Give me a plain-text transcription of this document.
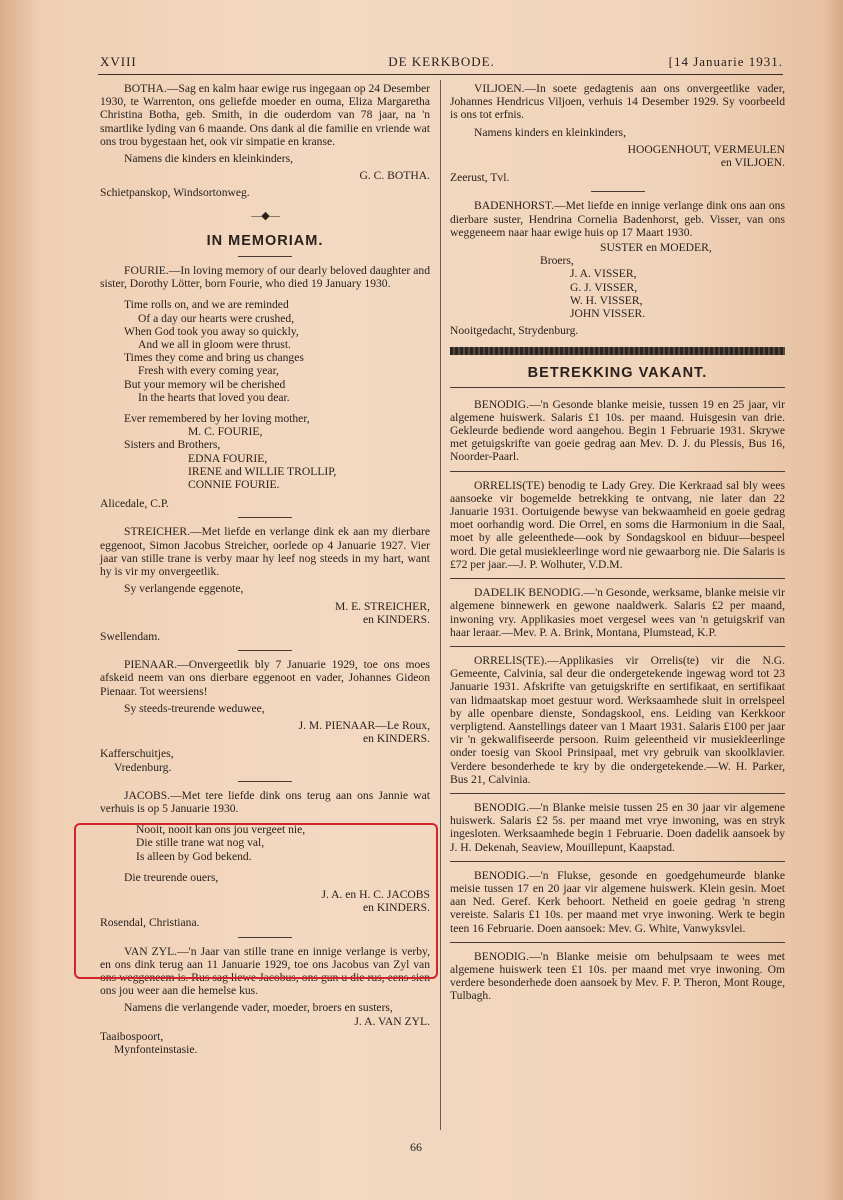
XVIII	DE KERKBODE.	[14 Januarie 1931.

BOTHA.—Sag en kalm haar ewige rus ingegaan op 24 Desember 1930, te Warrenton, ons geliefde moeder en ouma, Eliza Margaretha Christina Botha, geb. Smith, in die ouderdom van 78 jaar, na 'n smartlike lyding van 6 maande. Ons dank al die familie en vriende wat ons trou bygestaan het, ook vir simpatie en kranse.

Namens die kinders en kleinkinders,

G. C. BOTHA.

Schietpanskop, Windsortonweg.

—◆—
IN MEMORIAM.

FOURIE.—In loving memory of our dearly beloved daughter and sister, Dorothy Lötter, born Fourie, who died 19 January 1930.

Time rolls on, and we are reminded
Of a day our hearts were crushed,
When God took you away so quickly,
And we all in gloom were thrust.
Times they come and bring us changes
Fresh with every coming year,
But your memory wil be cherished
In the hearts that loved you dear.

Ever remembered by her loving mother,

M. C. FOURIE,

Sisters and Brothers,

EDNA FOURIE,

IRENE and WILLIE TROLLIP,

CONNIE FOURIE.

Alicedale, C.P.

STREICHER.—Met liefde en verlange dink ek aan my dierbare eggenoot, Simon Jacobus Streicher, oorlede op 4 Januarie 1927. Vier jaar van stille trane is verby maar hy leef nog steeds in my hart, want hy is vir my onvergeetlik.

Sy verlangende eggenote,

M. E. STREICHER,

en KINDERS.

Swellendam.

PIENAAR.—Onvergeetlik bly 7 Januarie 1929, toe ons moes afskeid neem van ons dierbare eggenoot en vader, Johannes Gideon Pienaar. Tot weersiens!

Sy steeds-treurende weduwee,

J. M. PIENAAR—Le Roux,

en KINDERS.

Kafferschuitjes,

Vredenburg.

JACOBS.—Met tere liefde dink ons terug aan ons Jannie wat verhuis is op 5 Januarie 1930.

Nooit, nooit kan ons jou vergeet nie,
Die stille trane wat nog val,
Is alleen by God bekend.

Die treurende ouers,

J. A. en H. C. JACOBS

en KINDERS.

Rosendal, Christiana.

VAN ZYL.—'n Jaar van stille trane en innige verlange is verby, en ons dink terug aan 11 Januarie 1929, toe ons Jacobus van Zyl van ons weggeneem is. Rus sag liewe Jacobus, ons gun u die rus, eens sien ons jou weer aan die hemelse kus.

Namens die verlangende vader, moeder, broers en susters,

J. A. VAN ZYL.

Taaibospoort,

Mynfonteinstasie.

VILJOEN.—In soete gedagtenis aan ons onvergeetlike vader, Johannes Hendricus Viljoen, verhuis 14 Desember 1929. Sy voorbeeld is ons tot erfnis.

Namens kinders en kleinkinders,

HOOGENHOUT, VERMEULEN

en VILJOEN.

Zeerust, Tvl.

BADENHORST.—Met liefde en innige verlange dink ons aan ons dierbare suster, Hendrina Cornelia Badenhorst, geb. Visser, van ons weggeneem naar haar ewige huis op 17 Maart 1930.

SUSTER en MOEDER,

Broers,
J. A. VISSER,
G. J. VISSER,
W. H. VISSER,
JOHN VISSER.

Nooitgedacht, Strydenburg.

BETREKKING VAKANT.

BENODIG.—'n Gesonde blanke meisie, tussen 19 en 25 jaar, vir algemene huiswerk. Salaris £1 10s. per maand. Huisgesin van drie. Gekleurde bediende word aangehou. Begin 1 Februarie 1931. Skrywe met getuigskrifte van goeie gedrag aan Mev. D. J. du Plessis, Bus 16, Noorder-Paarl.

ORRELIS(TE) benodig te Lady Grey. Die Kerkraad sal bly wees aansoeke vir bogemelde betrekking te ontvang, nie later dan 22 Januarie 1931. Oortuigende bewyse van bekwaamheid en goeie gedrag moet oorhandig word. Die Orrel, en soms die Harmonium in die Saal, moet by alle geleenthede—ook by Sondagskool en biduur—bespeel word. Die getal musiekleerlinge word nie gewaarborg nie. Die Salaris is £72 per jaar.—J. P. Wolhuter, V.D.M.

DADELIK BENODIG.—'n Gesonde, werksame, blanke meisie vir algemene binnewerk en gewone naaldwerk. Salaris £2 per maand, inwoning vry. Applikasies moet vergesel wees van 'n getuigskrif van haar leraar.—Mev. P. A. Brink, Montana, Plumstead, K.P.

ORRELIS(TE).—Applikasies vir Orrelis(te) vir die N.G. Gemeente, Calvinia, sal deur die ondergetekende ingewag word tot 23 Januarie 1931. Afskrifte van getuigskrifte en sertifikaat, en sertifikaat van lidmaatskap moet gestuur word. Werksaamhede sluit in orrelspeel by alle openbare dienste, Sondagskool, ens. Leiding van Kerkkoor verpligtend. Aanstellings dateer van 1 Maart 1931. Salaris £100 per jaar vir 'n gekwalifiseerde persoon. Ruim geleentheid vir musiekleerlinge onder toesig van Skool Prinsipaal, met vry gebruik van skoolklavier. Verdere besonderhede te kry by die ondergetekende.—W. H. Parker, Bus 21, Calvinia.

BENODIG.—'n Blanke meisie tussen 25 en 30 jaar vir algemene huiswerk. Salaris £2 5s. per maand met vrye inwoning, was en stryk ingesloten. Werksaamhede begin 1 Februarie. Doen dadelik aansoek by J. H. Dekenah, Seaview, Mouillepunt, Kaapstad.

BENODIG.—'n Flukse, gesonde en goedgehumeurde blanke meisie tussen 17 en 20 jaar vir algemene huiswerk. Klein gesin. Moet aan Ned. Geref. Kerk behoort. Netheid en goeie gedrag 'n streng vereiste. Salaris £1 10s. per maand met vrye inwoning. Werk te begin teen 16 Februarie. Doen aansoek: Mev. G. White, Vanwyksvlei.

BENODIG.—'n Blanke meisie om behulpsaam te wees met algemene huiswerk teen £1 10s. per maand met vrye inwoning. Om verdere besonderhede doen aansoek by Mev. F. P. Theron, Mont Rouge, Tulbagh.

66
